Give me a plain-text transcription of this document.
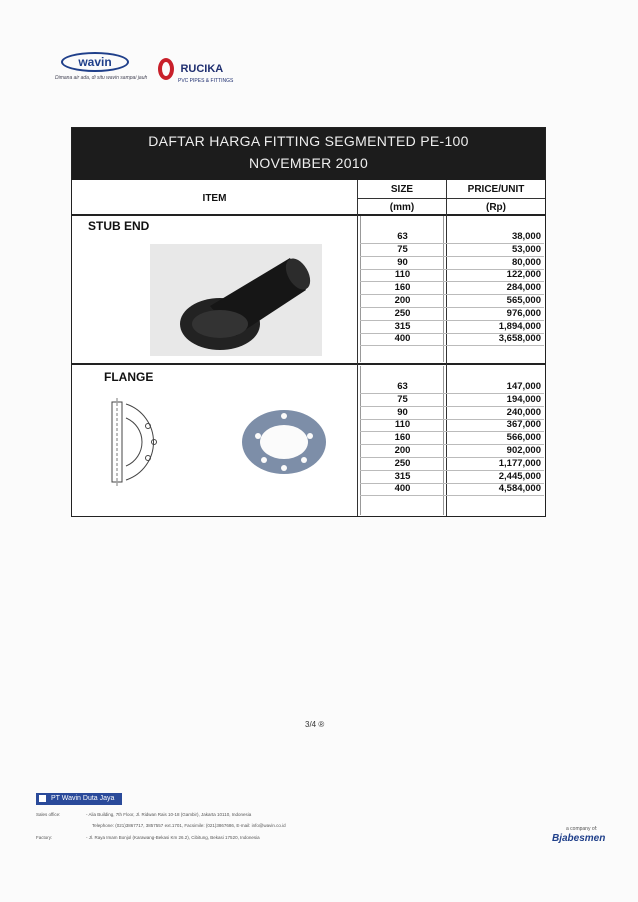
wavin
Dimana air ada, di situ wavin sampai jauh
RUCIKA
PVC PIPES & FITTINGS
DAFTAR HARGA FITTING SEGMENTED PE-100
NOVEMBER 2010
ITEM
SIZE
(mm)
PRICE/UNIT
(Rp)
STUB END
FLANGE
63	38,000
75	53,000
90	80,000
110	122,000
160	284,000
200	565,000
250	976,000
315	1,894,000
400	3,658,000
63	147,000
75	194,000
90	240,000
110	367,000
160	566,000
200	902,000
250	1,177,000
315	2,445,000
400	4,584,000
3/4 ®
PT Wavin Duta Jaya
Sales office:	- Alia Building, 7th Floor, Jl. Ridwan Rais 10-18 (Gambir), Jakarta 10110, Indonesia
Telephone: (021)3867717, 3857557 ext.1701, Facsimile: (021)3867686, E-mail: info@wavin.co.id
Factory:	- Jl. Raya Imam Bonjol (Karawang-Bekasi Km 26.2), Cibitung, Bekasi 17520, Indonesia
a company of:
Bjabesmen
